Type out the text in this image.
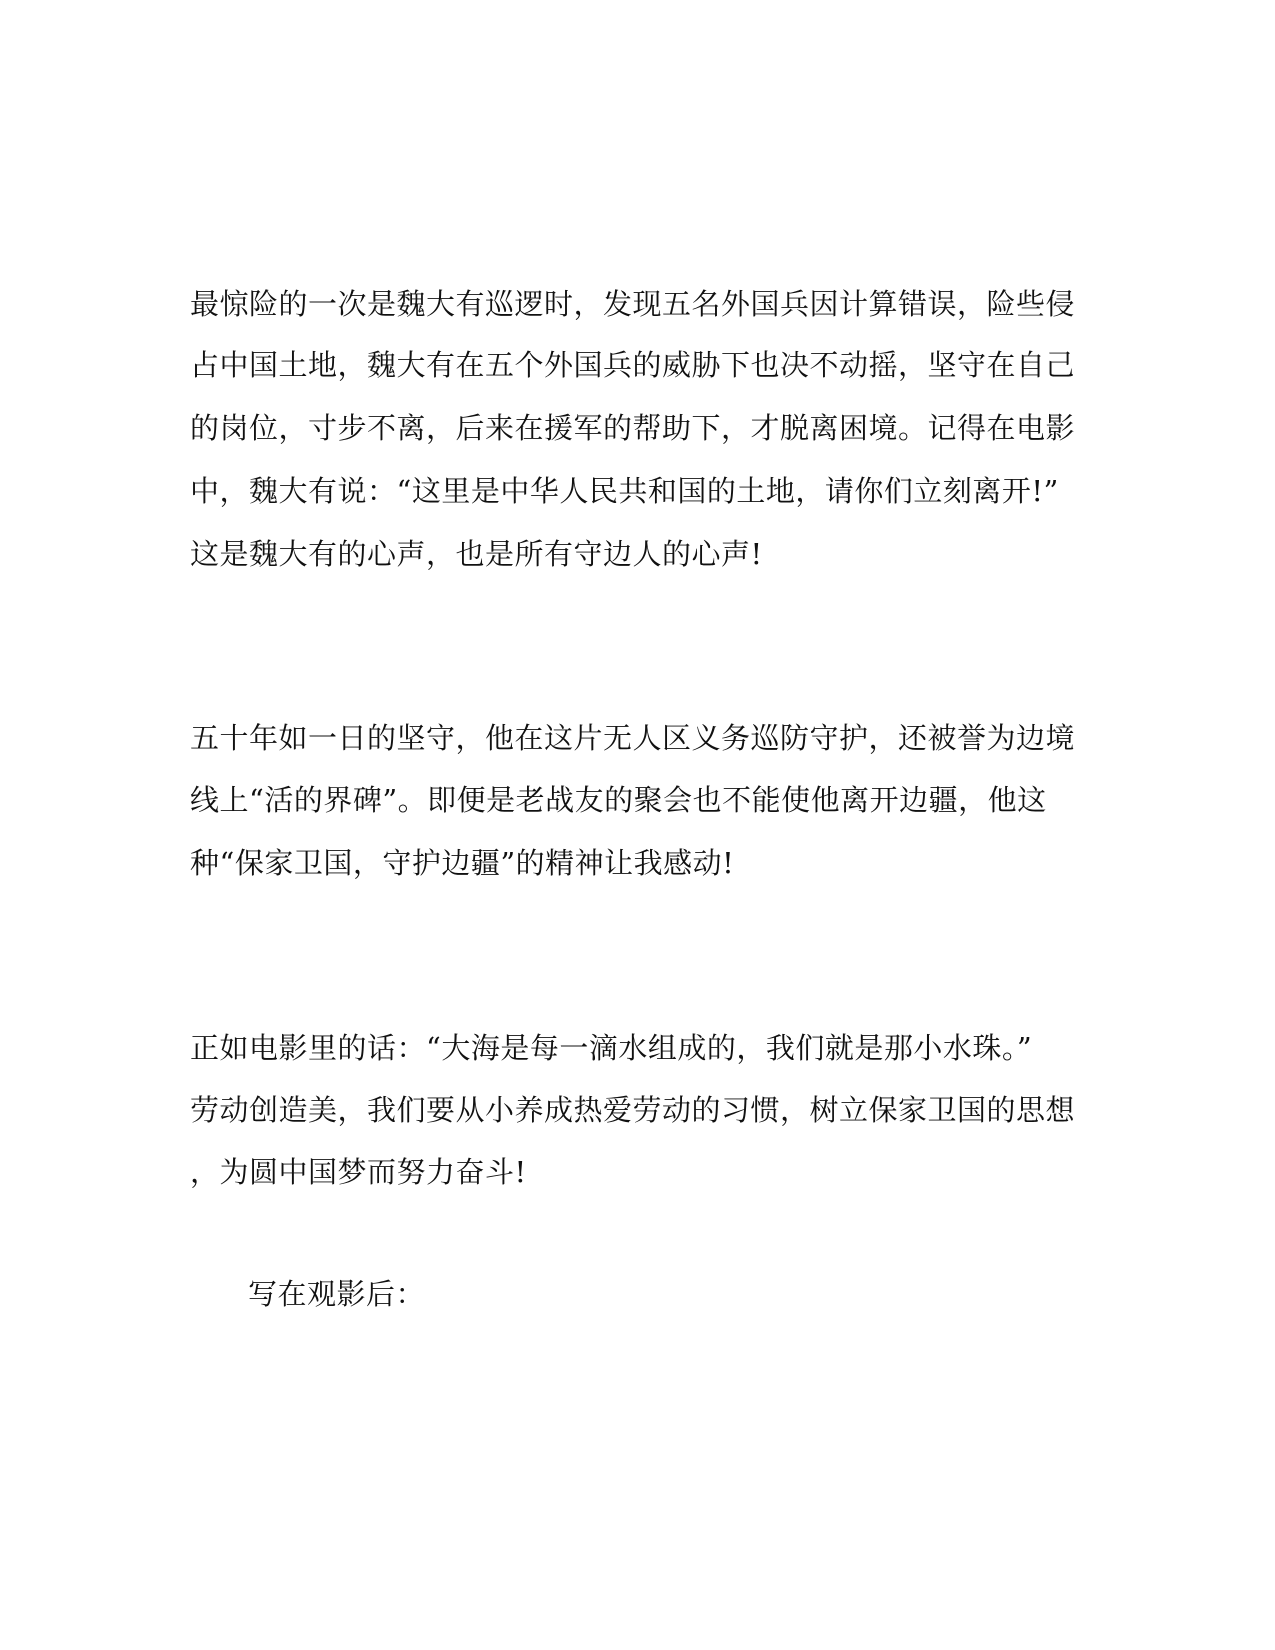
最惊险的一次是魏大有巡逻时，发现五名外国兵因计算错误，险些侵
占中国土地，魏大有在五个外国兵的威胁下也决不动摇，坚守在自己
的岗位，寸步不离，后来在援军的帮助下，才脱离困境。记得在电影
中，魏大有说：“这里是中华人民共和国的土地，请你们立刻离开!”
这是魏大有的心声，也是所有守边人的心声!
五十年如一日的坚守，他在这片无人区义务巡防守护，还被誉为边境
线上“活的界碑”。即便是老战友的聚会也不能使他离开边疆，他这
种“保家卫国，守护边疆”的精神让我感动!
正如电影里的话：“大海是每一滴水组成的，我们就是那小水珠。”
劳动创造美，我们要从小养成热爱劳动的习惯，树立保家卫国的思想
，为圆中国梦而努力奋斗!
写在观影后：
